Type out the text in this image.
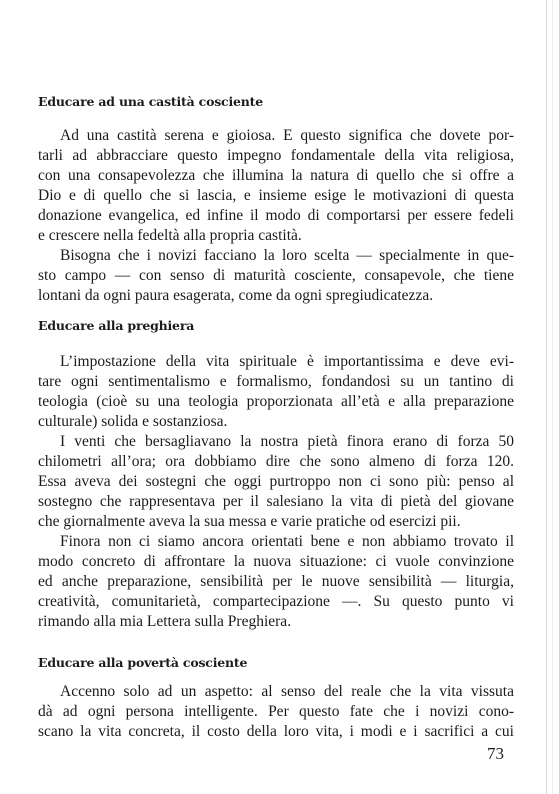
Educare ad una castità cosciente
Ad una castità serena e gioiosa. E questo significa che dovete por-
tarli ad abbracciare questo impegno fondamentale della vita religiosa,
con una consapevolezza che illumina la natura di quello che si offre a
Dio e di quello che si lascia, e insieme esige le motivazioni di questa
donazione evangelica, ed infine il modo di comportarsi per essere fedeli
e crescere nella fedeltà alla propria castità.
Bisogna che i novizi facciano la loro scelta — specialmente in que-
sto campo — con senso di maturità cosciente, consapevole, che tiene
lontani da ogni paura esagerata, come da ogni spregiudicatezza.
Educare alla preghiera
L’impostazione della vita spirituale è importantissima e deve evi-
tare ogni sentimentalismo e formalismo, fondandosi su un tantino di
teologia (cioè su una teologia proporzionata all’età e alla preparazione
culturale) solida e sostanziosa.
I venti che bersagliavano la nostra pietà finora erano di forza 50
chilometri all’ora; ora dobbiamo dire che sono almeno di forza 120.
Essa aveva dei sostegni che oggi purtroppo non ci sono più: penso al
sostegno che rappresentava per il salesiano la vita di pietà del giovane
che giornalmente aveva la sua messa e varie pratiche od esercizi pii.
Finora non ci siamo ancora orientati bene e non abbiamo trovato il
modo concreto di affrontare la nuova situazione: ci vuole convinzione
ed anche preparazione, sensibilità per le nuove sensibilità — liturgia,
creatività, comunitarietà, compartecipazione —. Su questo punto vi
rimando alla mia Lettera sulla Preghiera.
Educare alla povertà cosciente
Accenno solo ad un aspetto: al senso del reale che la vita vissuta
dà ad ogni persona intelligente. Per questo fate che i novizi cono-
scano la vita concreta, il costo della loro vita, i modi e i sacrifici a cui
73
